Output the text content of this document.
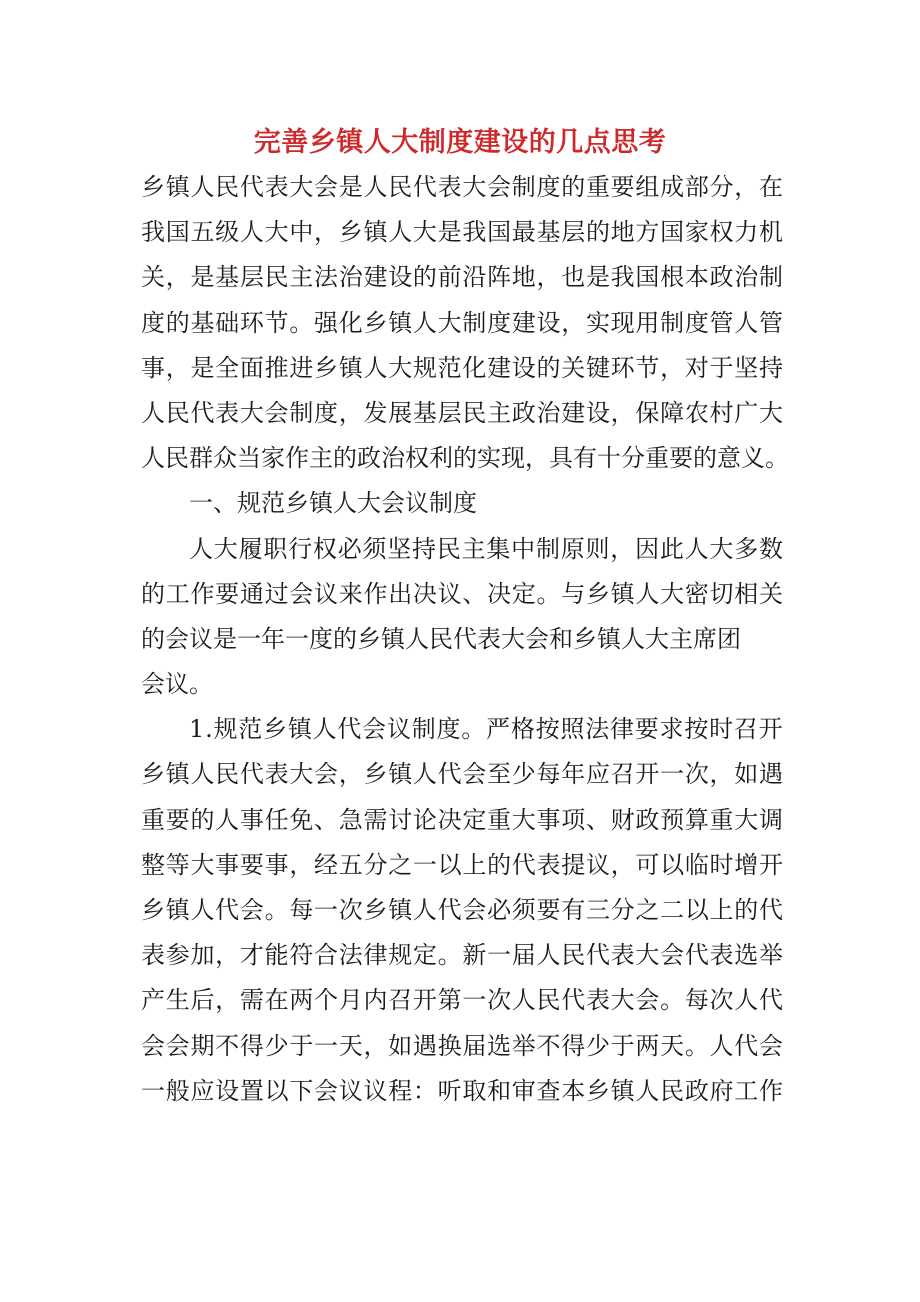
完善乡镇人大制度建设的几点思考
乡 镇 人 民 代 表 大 会 是 人 民 代 表 大 会 制 度 的 重 要 组 成 部 分 ， 在
我 国 五 级 人 大 中 ， 乡 镇 人 大 是 我 国 最 基 层 的 地 方 国 家 权 力 机
关 ， 是 基 层 民 主 法 治 建 设 的 前 沿 阵 地 ， 也 是 我 国 根 本 政 治 制
度 的 基 础 环 节 。 强 化 乡 镇 人 大 制 度 建 设 ， 实 现 用 制 度 管 人 管
事 ， 是 全 面 推 进 乡 镇 人 大 规 范 化 建 设 的 关 键 环 节 ， 对 于 坚 持
人 民 代 表 大 会 制 度 ， 发 展 基 层 民 主 政 治 建 设 ， 保 障 农 村 广 大
人 民 群 众 当 家 作 主 的 政 治 权 利 的 实 现 ， 具 有 十 分 重 要 的 意 义 。
一、规范乡镇人大会议制度
人 大 履 职 行 权 必 须 坚 持 民 主 集 中 制 原 则 ， 因 此 人 大 多 数
的 工 作 要 通 过 会 议 来 作 出 决 议 、 决 定 。 与 乡 镇 人 大 密 切 相 关
的会议是一年一度的乡镇人民代表大会和乡镇人大主席团
会议。
1 . 规 范 乡 镇 人 代 会 议 制 度 。 严 格 按 照 法 律 要 求 按 时 召 开
乡 镇 人 民 代 表 大 会 ， 乡 镇 人 代 会 至 少 每 年 应 召 开 一 次 ， 如 遇
重 要 的 人 事 任 免 、 急 需 讨 论 决 定 重 大 事 项 、 财 政 预 算 重 大 调
整 等 大 事 要 事 ， 经 五 分 之 一 以 上 的 代 表 提 议 ， 可 以 临 时 增 开
乡 镇 人 代 会 。 每 一 次 乡 镇 人 代 会 必 须 要 有 三 分 之 二 以 上 的 代
表 参 加 ， 才 能 符 合 法 律 规 定 。 新 一 届 人 民 代 表 大 会 代 表 选 举
产 生 后 ， 需 在 两 个 月 内 召 开 第 一 次 人 民 代 表 大 会 。 每 次 人 代
会 会 期 不 得 少 于 一 天 ， 如 遇 换 届 选 举 不 得 少 于 两 天 。 人 代 会
一 般 应 设 置 以 下 会 议 议 程 ： 听 取 和 审 查 本 乡 镇 人 民 政 府 工 作
